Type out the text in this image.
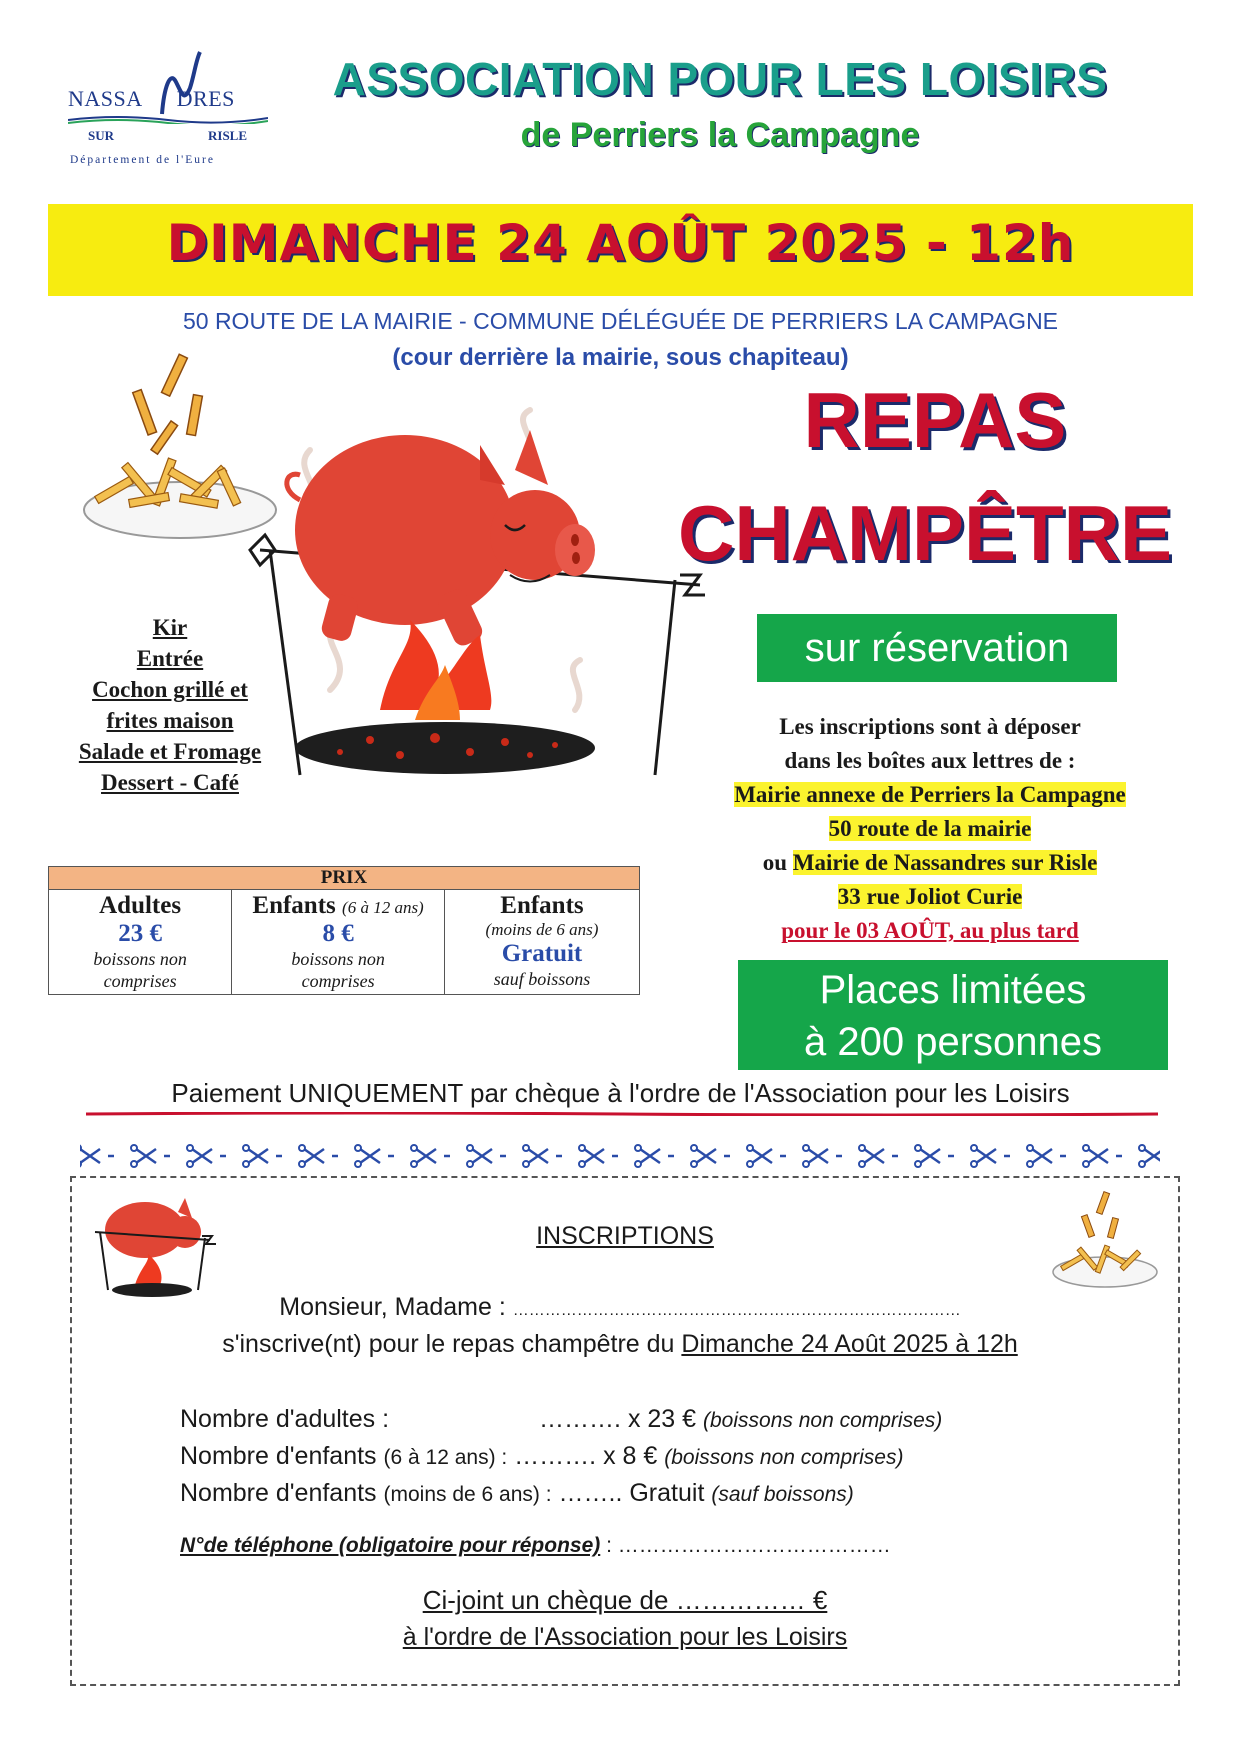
NASSA DRES
SUR	RISLE
Département de l'Eure
ASSOCIATION POUR LES LOISIRS
de Perriers la Campagne
DIMANCHE 24 AOÛT 2025 - 12h
50 ROUTE DE LA MAIRIE - COMMUNE DÉLÉGUÉE DE PERRIERS LA CAMPAGNE
(cour derrière la mairie, sous chapiteau)
REPAS
CHAMPÊTRE
sur réservation
Kir
Entrée
Cochon grillé et
frites maison
Salade et Fromage
Dessert - Café
Les inscriptions sont à déposer
dans les boîtes aux lettres de :
Mairie annexe de Perriers la Campagne
50 route de la mairie
ou Mairie de Nassandres sur Risle
33 rue Joliot Curie
pour le 03 AOÛT, au plus tard
Places limitées
à 200 personnes
PRIX

Adultes
23 €
boissons non
comprises

Enfants (6 à 12 ans)
8 €
boissons non
comprises

Enfants
(moins de 6 ans)
Gratuit
sauf boissons
Paiement UNIQUEMENT par chèque à l'ordre de l'Association pour les Loisirs
INSCRIPTIONS
Monsieur, Madame : …………………………………………………………………………
s'inscrive(nt) pour le repas champêtre du Dimanche 24 Août 2025 à 12h
Nombre d'adultes :	………. x 23 € (boissons non comprises)
Nombre d'enfants (6 à 12 ans) : ………. x 8 € (boissons non comprises)
Nombre d'enfants (moins de 6 ans) : …….. Gratuit (sauf boissons)
N°de téléphone (obligatoire pour réponse) : …………………………………
Ci-joint un chèque de …………… €
à l'ordre de l'Association pour les Loisirs
